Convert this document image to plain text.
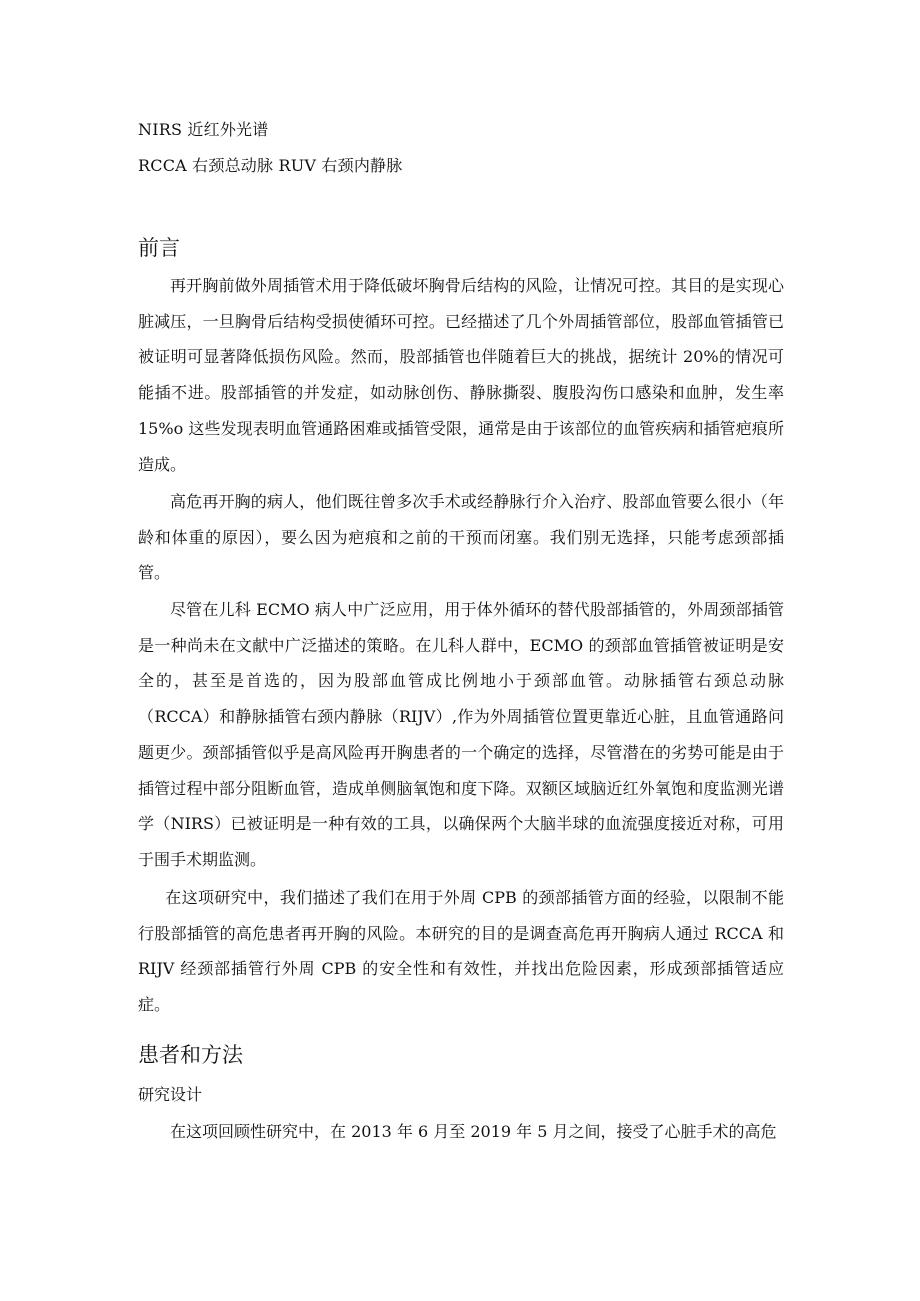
NIRS 近红外光谱
RCCA 右颈总动脉 RUV 右颈内静脉
前言

再开胸前做外周插管术用于降低破坏胸骨后结构的风险，让情况可控。其目的是实现心脏减压，一旦胸骨后结构受损使循环可控。已经描述了几个外周插管部位，股部血管插管已被证明可显著降低损伤风险。然而，股部插管也伴随着巨大的挑战，据统计 20%的情况可能插不进。股部插管的并发症，如动脉创伤、静脉撕裂、腹股沟伤口感染和血肿，发生率 15%o 这些发现表明血管通路困难或插管受限，通常是由于该部位的血管疾病和插管疤痕所造成。

高危再开胸的病人，他们既往曾多次手术或经静脉行介入治疗、股部血管要么很小（年龄和体重的原因），要么因为疤痕和之前的干预而闭塞。我们别无选择，只能考虑颈部插管。

尽管在儿科 ECMO 病人中广泛应用，用于体外循环的替代股部插管的，外周颈部插管是一种尚未在文献中广泛描述的策略。在儿科人群中，ECMO 的颈部血管插管被证明是安全的，甚至是首选的，因为股部血管成比例地小于颈部血管。动脉插管右颈总动脉（RCCA）和静脉插管右颈内静脉（RIJV）,作为外周插管位置更靠近心脏，且血管通路问题更少。颈部插管似乎是高风险再开胸患者的一个确定的选择，尽管潜在的劣势可能是由于插管过程中部分阻断血管，造成单侧脑氧饱和度下降。双额区域脑近红外氧饱和度监测光谱学（NIRS）已被证明是一种有效的工具，以确保两个大脑半球的血流强度接近对称，可用于围手术期监测。

在这项研究中，我们描述了我们在用于外周 CPB 的颈部插管方面的经验，以限制不能行股部插管的高危患者再开胸的风险。本研究的目的是调查高危再开胸病人通过 RCCA 和 RIJV 经颈部插管行外周 CPB 的安全性和有效性，并找出危险因素，形成颈部插管适应症。

患者和方法
研究设计

在这项回顾性研究中，在 2013 年 6 月至 2019 年 5 月之间，接受了心脏手术的高危
